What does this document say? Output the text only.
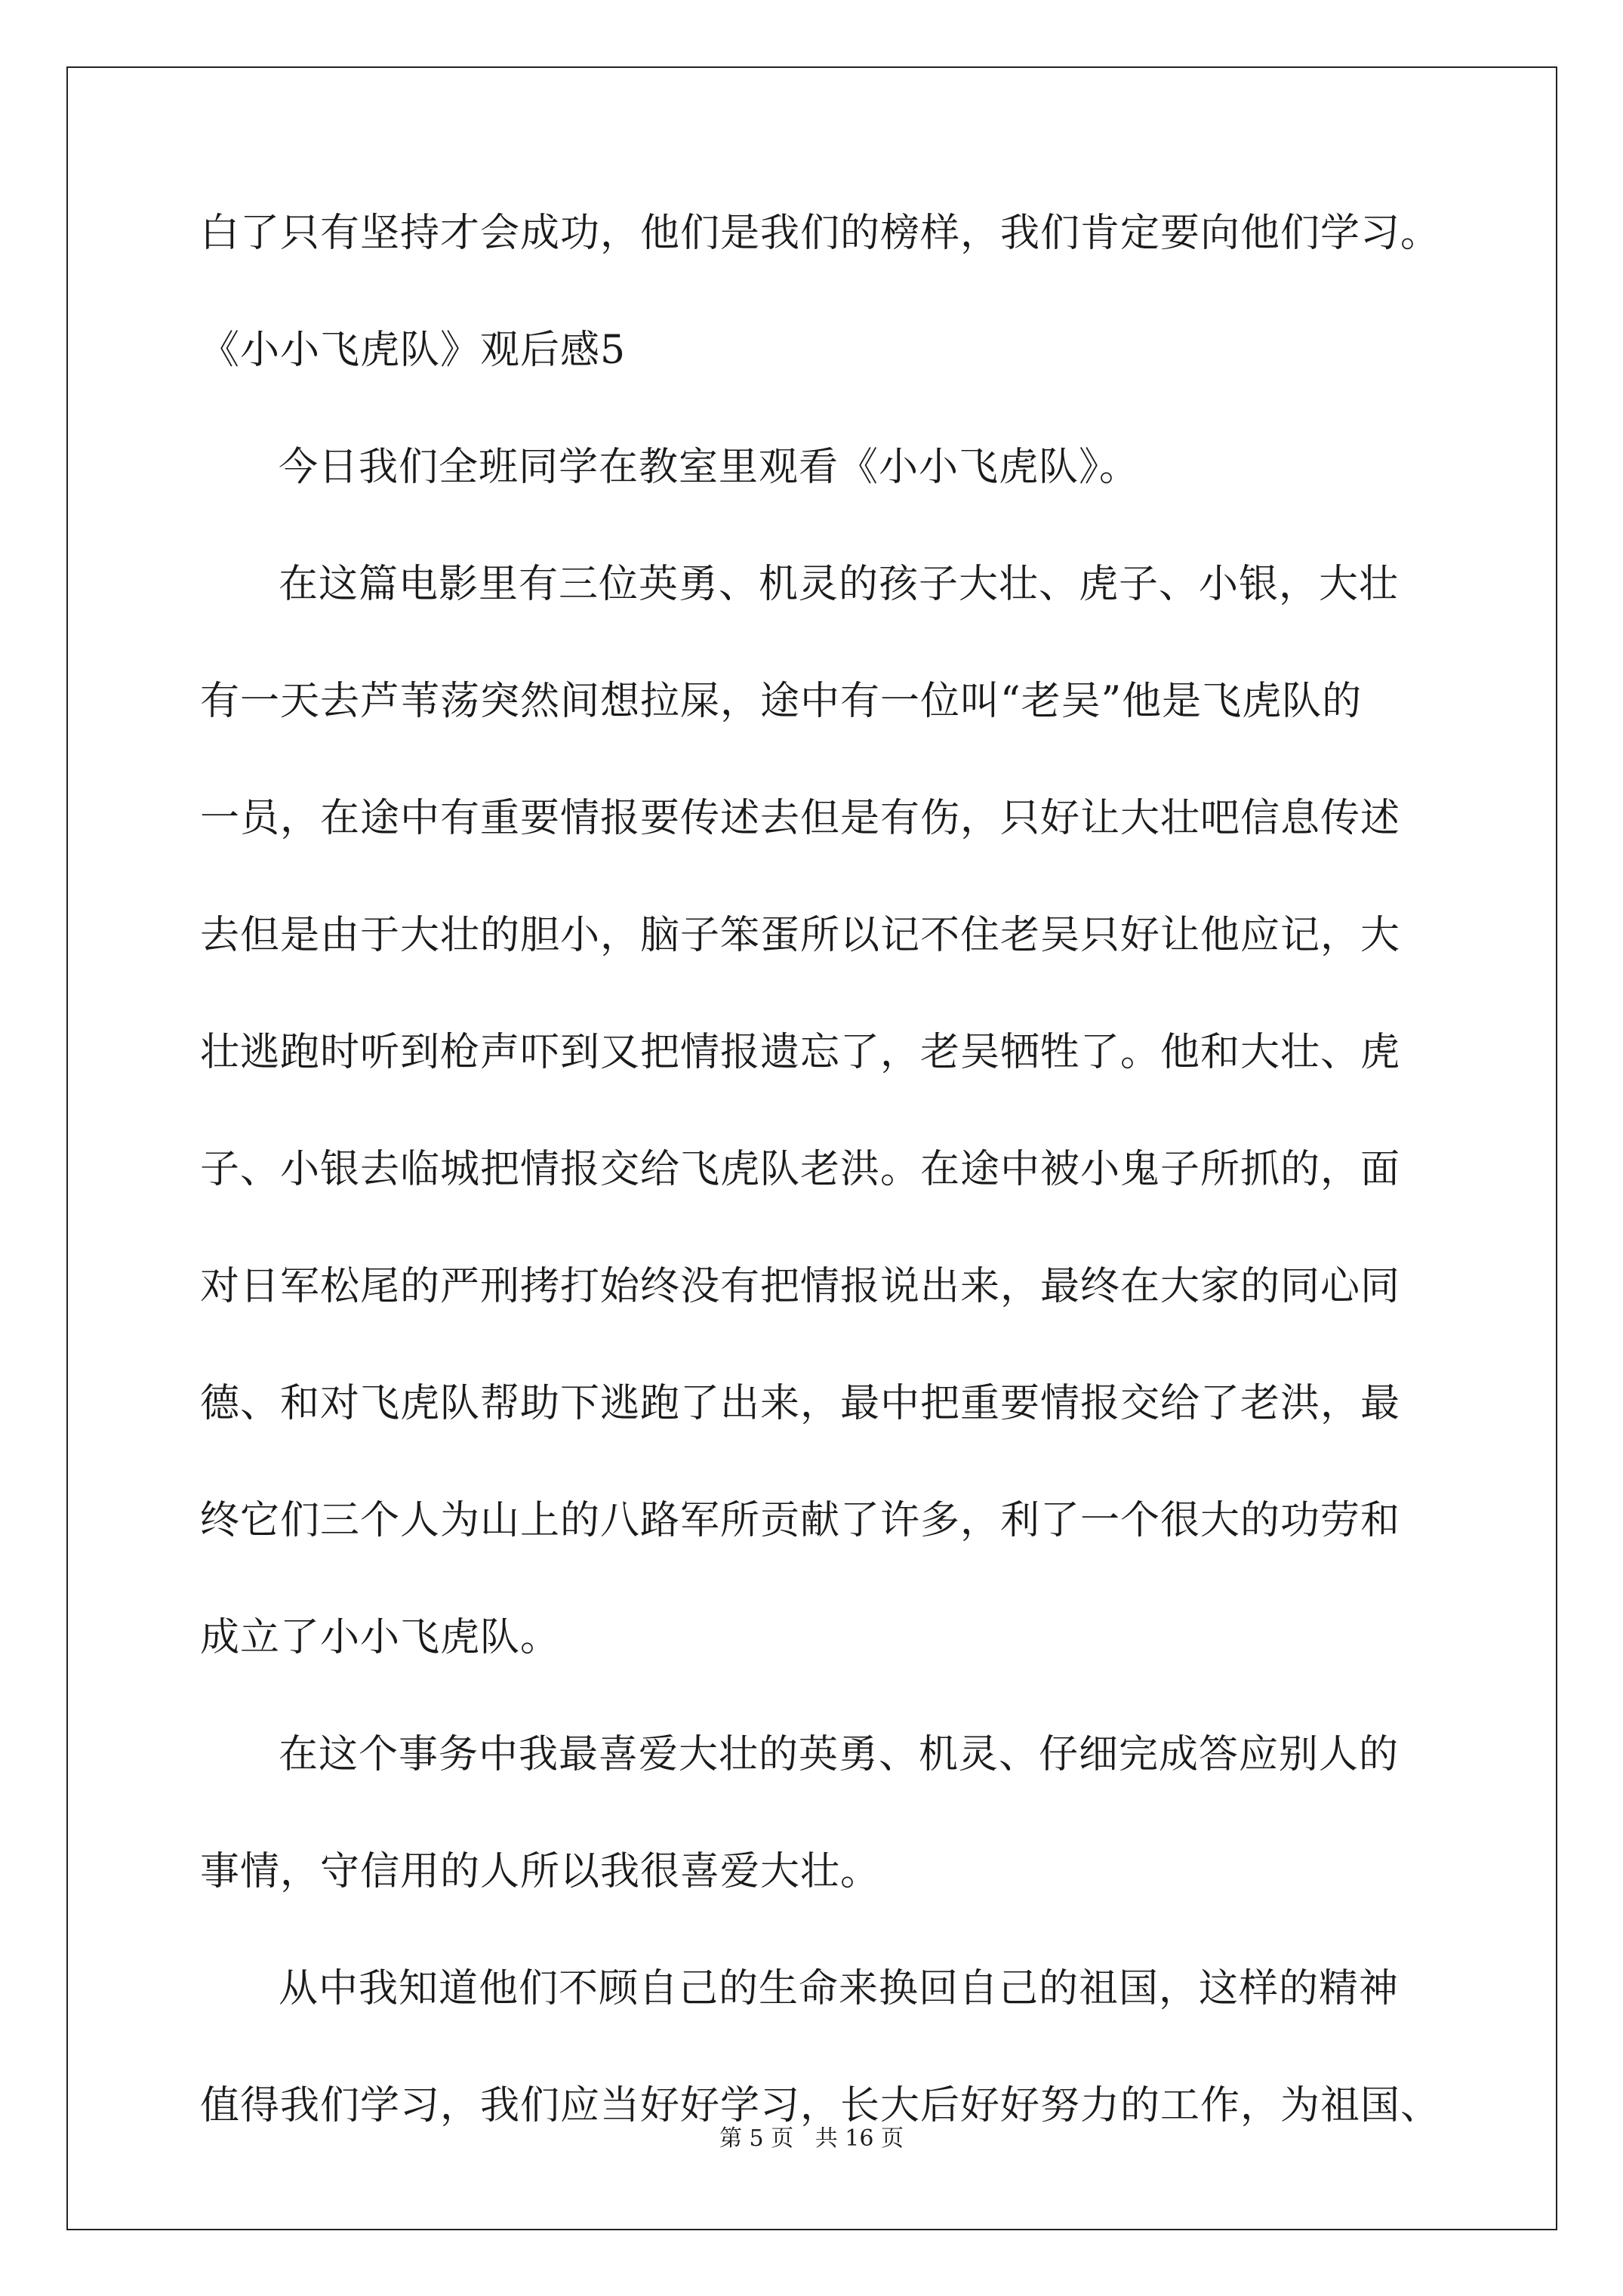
白了只有坚持才会成功，他们是我们的榜样，我们肯定要向他们学习。
《小小飞虎队》观后感5
今日我们全班同学在教室里观看《小小飞虎队》。
在这篇电影里有三位英勇、机灵的孩子大壮、虎子、小银，大壮
有一天去芦苇荡突然间想拉屎，途中有一位叫“老吴”他是飞虎队的
一员，在途中有重要情报要传述去但是有伤，只好让大壮吧信息传述
去但是由于大壮的胆小，脑子笨蛋所以记不住老吴只好让他应记，大
壮逃跑时听到枪声吓到又把情报遗忘了，老吴牺牲了。他和大壮、虎
子、小银去临城把情报交给飞虎队老洪。在途中被小鬼子所抓的，面
对日军松尾的严刑拷打始终没有把情报说出来，最终在大家的同心同
德、和对飞虎队帮助下逃跑了出来，最中把重要情报交给了老洪，最
终它们三个人为山上的八路军所贡献了许多，利了一个很大的功劳和
成立了小小飞虎队。
在这个事务中我最喜爱大壮的英勇、机灵、仔细完成答应别人的
事情，守信用的人所以我很喜爱大壮。
从中我知道他们不顾自己的生命来换回自己的祖国，这样的精神
值得我们学习，我们应当好好学习，长大后好好努力的工作，为祖国、
第 5 页   共 16 页
